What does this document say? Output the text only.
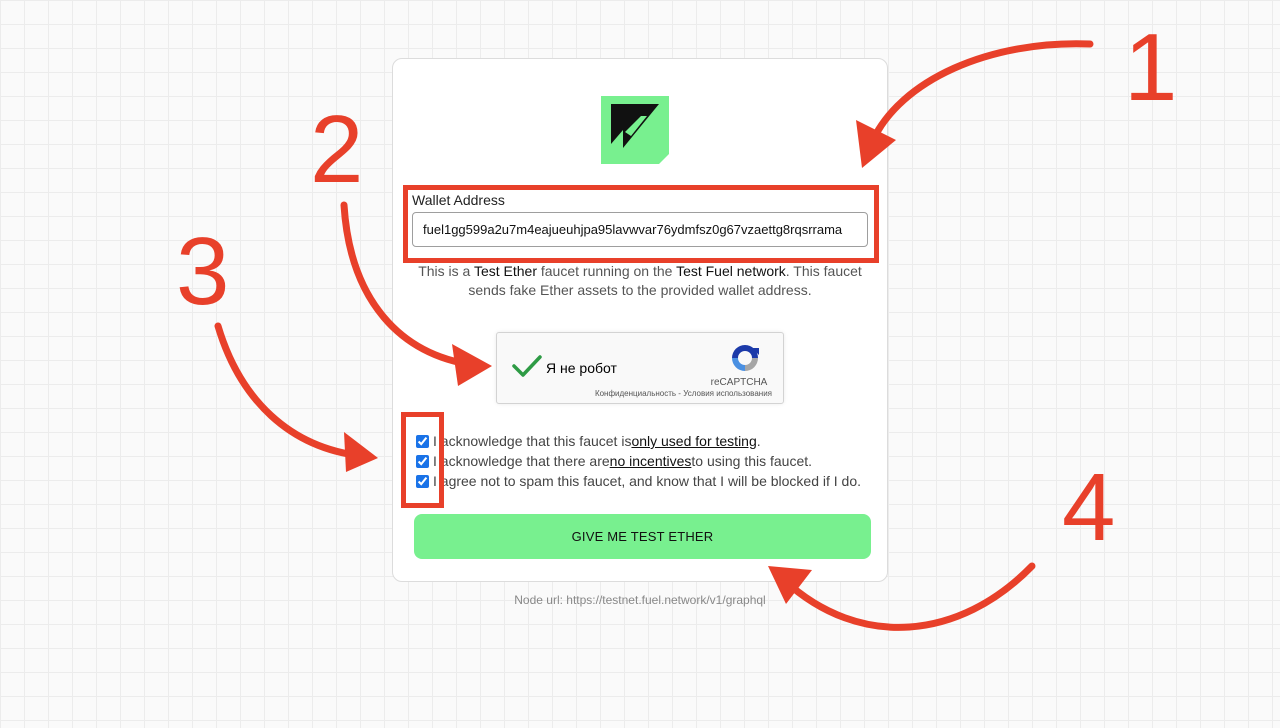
Wallet Address
fuel1gg599a2u7m4eajueuhjpa95lavwvar76ydmfsz0g67vzaettg8rqsrrama
This is a Test Ether faucet running on the Test Fuel network. This faucet sends fake Ether assets to the provided wallet address.
Я не робот
reCAPTCHA
Конфиденциальность - Условия использования
I acknowledge that this faucet is only used for testing .
I acknowledge that there are no incentives to using this faucet.
I agree not to spam this faucet, and know that I will be blocked if I do.
GIVE ME TEST ETHER
Node url: https://testnet.fuel.network/v1/graphql
1
2
3
4
